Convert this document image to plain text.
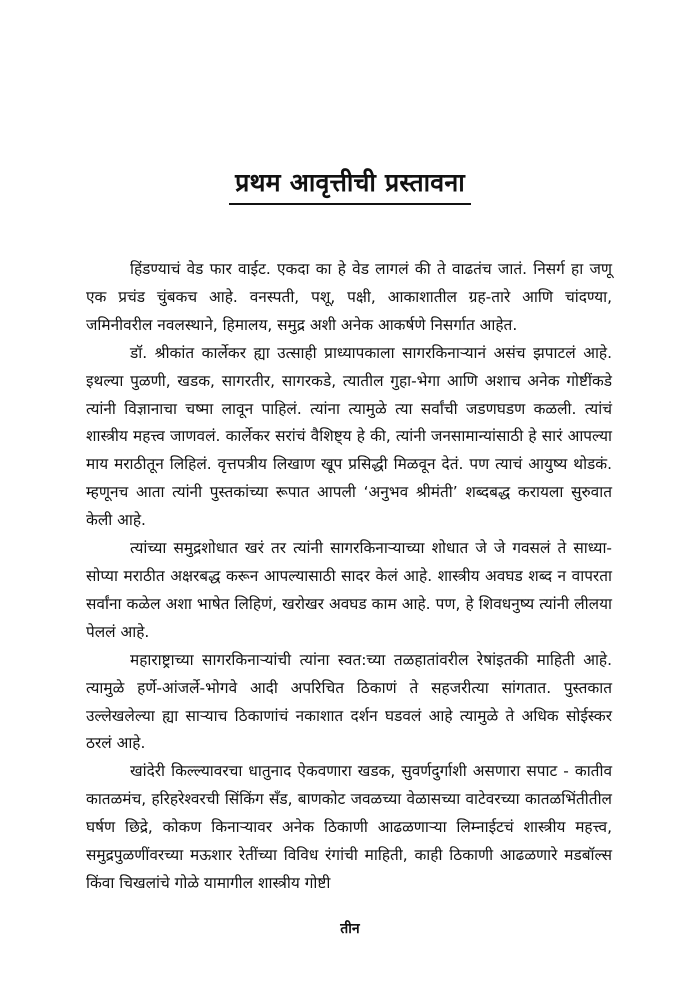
प्रथम आवृत्तीची प्रस्तावना

हिंडण्याचं वेड फार वाईट. एकदा का हे वेड लागलं की ते वाढतंच जातं. निसर्ग हा जणू एक प्रचंड चुंबकच आहे. वनस्पती, पशू, पक्षी, आकाशातील ग्रह-तारे आणि चांदण्या, जमिनीवरील नवलस्थाने, हिमालय, समुद्र अशी अनेक आकर्षणे निसर्गात आहेत.

डॉ. श्रीकांत कार्लेकर ह्या उत्साही प्राध्यापकाला सागरकिनाऱ्यानं असंच झपाटलं आहे. इथल्या पुळणी, खडक, सागरतीर, सागरकडे, त्यातील गुहा-भेगा आणि अशाच अनेक गोष्टींकडे त्यांनी विज्ञानाचा चष्मा लावून पाहिलं. त्यांना त्यामुळे त्या सर्वांची जडणघडण कळली. त्यांचं शास्त्रीय महत्त्व जाणवलं. कार्लेकर सरांचं वैशिष्ट्य हे की, त्यांनी जनसामान्यांसाठी हे सारं आपल्या माय मराठीतून लिहिलं. वृत्तपत्रीय लिखाण खूप प्रसिद्धी मिळवून देतं. पण त्याचं आयुष्य थोडकं. म्हणूनच आता त्यांनी पुस्तकांच्या रूपात आपली ‘अनुभव श्रीमंती’ शब्दबद्ध करायला सुरुवात केली आहे.

त्यांच्या समुद्रशोधात खरं तर त्यांनी सागरकिनाऱ्याच्या शोधात जे जे गवसलं ते साध्या-सोप्या मराठीत अक्षरबद्ध करून आपल्यासाठी सादर केलं आहे. शास्त्रीय अवघड शब्द न वापरता सर्वांना कळेल अशा भाषेत लिहिणं, खरोखर अवघड काम आहे. पण, हे शिवधनुष्य त्यांनी लीलया पेललं आहे.

महाराष्ट्राच्या सागरकिनाऱ्यांची त्यांना स्वत:च्या तळहातांवरील रेषांइतकी माहिती आहे. त्यामुळे हर्णे-आंजर्ले-भोगवे आदी अपरिचित ठिकाणं ते सहजरीत्या सांगतात. पुस्तकात उल्लेखलेल्या ह्या साऱ्याच ठिकाणांचं नकाशात दर्शन घडवलं आहे त्यामुळे ते अधिक सोईस्कर ठरलं आहे.

खांदेरी किल्ल्यावरचा धातुनाद ऐकवणारा खडक, सुवर्णदुर्गाशी असणारा सपाट - कातीव कातळमंच, हरिहरेश्वरची सिंकिंग सँड, बाणकोट जवळच्या वेळासच्या वाटेवरच्या कातळभिंतीतील घर्षण छिद्रे, कोकण किनाऱ्यावर अनेक ठिकाणी आढळणाऱ्या लिम्नाईटचं शास्त्रीय महत्त्व, समुद्रपुळणींवरच्या मऊशार रेतींच्या विविध रंगांची माहिती, काही ठिकाणी आढळणारे मडबॉल्स किंवा चिखलांचे गोळे यामागील शास्त्रीय गोष्टी

तीन
